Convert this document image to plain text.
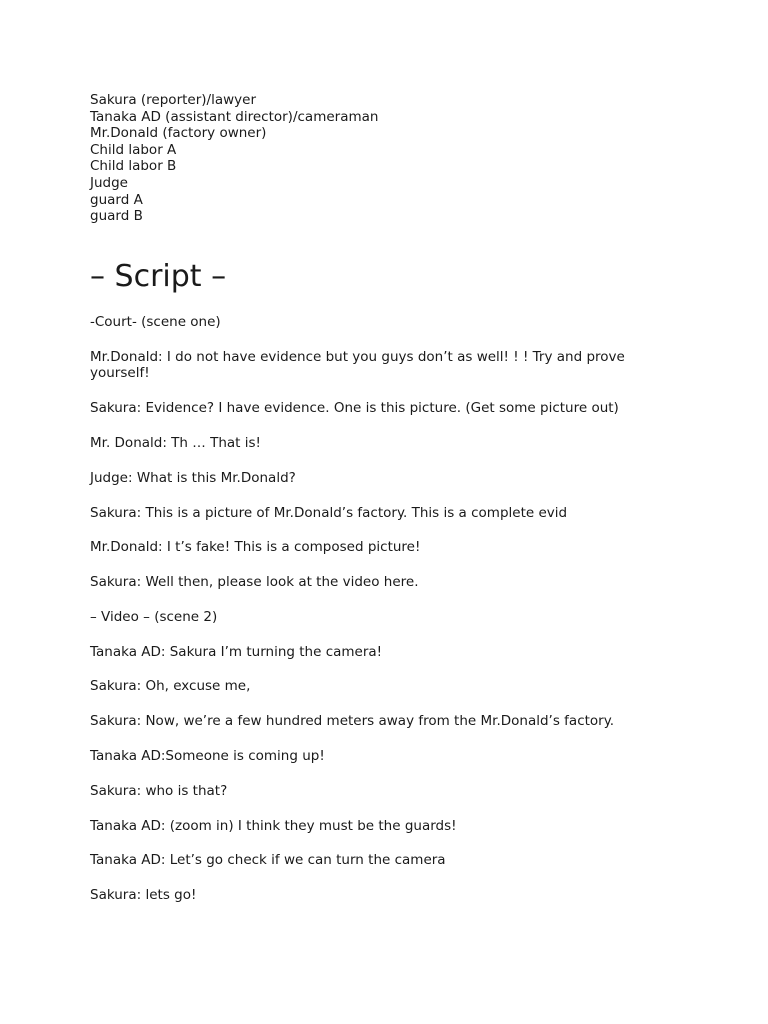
Sakura (reporter)/lawyer
Tanaka AD (assistant director)/cameraman
Mr.Donald (factory owner)
Child labor A
Child labor B
Judge
guard A
guard B
– Script –

-Court- (scene one)

Mr.Donald: I do not have evidence but you guys don’t as well! ! ! Try and prove yourself!

Sakura: Evidence? I have evidence. One is this picture. (Get some picture out)

Mr. Donald: Th … That is!

Judge: What is this Mr.Donald?

Sakura: This is a picture of Mr.Donald’s factory. This is a complete evid

Mr.Donald: I t’s fake! This is a composed picture!

Sakura: Well then, please look at the video here.

– Video – (scene 2)

Tanaka AD: Sakura I’m turning the camera!

Sakura: Oh, excuse me,

Sakura: Now, we’re a few hundred meters away from the Mr.Donald’s factory.

Tanaka AD:Someone is coming up!

Sakura: who is that?

Tanaka AD: (zoom in) I think they must be the guards!

Tanaka AD: Let’s go check if we can turn the camera

Sakura: lets go!
